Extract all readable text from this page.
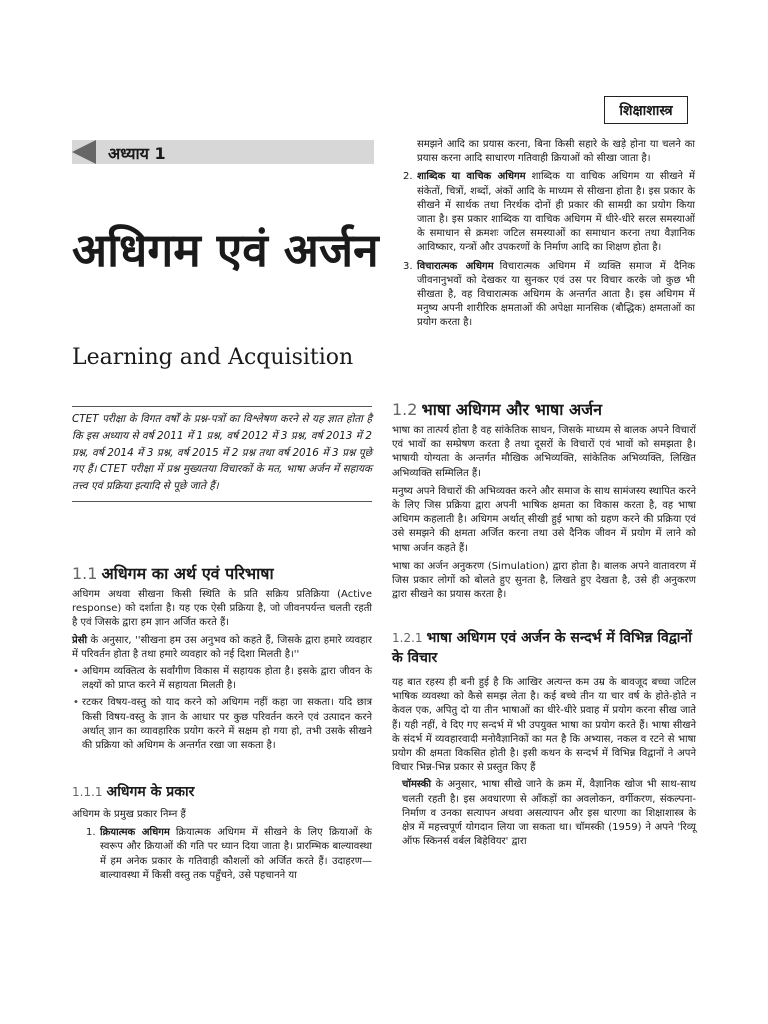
शिक्षाशास्त्र
अध्याय 1
अधिगम एवं अर्जन
Learning and Acquisition

CTET परीक्षा के विगत वर्षों के प्रश्न-पत्रों का विश्लेषण करने से यह ज्ञात होता है कि इस अध्याय से वर्ष 2011 में 1 प्रश्न, वर्ष 2012 में 3 प्रश्न, वर्ष 2013 में 2 प्रश्न, वर्ष 2014 में 3 प्रश्न, वर्ष 2015 में 2 प्रश्न तथा वर्ष 2016 में 3 प्रश्न पूछे गए हैं। CTET परीक्षा में प्रश्न मुख्यतया विचारकों के मत, भाषा अर्जन में सहायक तत्त्व एवं प्रक्रिया इत्यादि से पूछे जाते हैं।

1.1 अधिगम का अर्थ एवं परिभाषा

अधिगम अथवा सीखना किसी स्थिति के प्रति सक्रिय प्रतिक्रिया (Active response) को दर्शाता है। यह एक ऐसी प्रक्रिया है, जो जीवनपर्यन्त चलती रहती है एवं जिसके द्वारा हम ज्ञान अर्जित करते हैं।

प्रेसी के अनुसार, ''सीखना हम उस अनुभव को कहते हैं, जिसके द्वारा हमारे व्यवहार में परिवर्तन होता है तथा हमारे व्यवहार को नई दिशा मिलती है।''

• अधिगम व्यक्तित्व के सर्वांगीण विकास में सहायक होता है। इसके द्वारा जीवन के लक्ष्यों को प्राप्त करने में सहायता मिलती है।
• रटकर विषय-वस्तु को याद करने को अधिगम नहीं कहा जा सकता। यदि छात्र किसी विषय-वस्तु के ज्ञान के आधार पर कुछ परिवर्तन करने एवं उत्पादन करने अर्थात् ज्ञान का व्यावहारिक प्रयोग करने में सक्षम हो गया हो, तभी उसके सीखने की प्रक्रिया को अधिगम के अन्तर्गत रखा जा सकता है।
1.1.1 अधिगम के प्रकार

अधिगम के प्रमुख प्रकार निम्न हैं

1. क्रियात्मक अधिगम क्रियात्मक अधिगम में सीखने के लिए क्रियाओं के स्वरूप और क्रियाओं की गति पर ध्यान दिया जाता है। प्रारम्भिक बाल्यावस्था में हम अनेक प्रकार के गतिवाही कौशलों को अर्जित करते हैं। उदाहरण—बाल्यावस्था में किसी वस्तु तक पहुँचने, उसे पहचानने या
समझने आदि का प्रयास करना, बिना किसी सहारे के खड़े होना या चलने का प्रयास करना आदि साधारण गतिवाही क्रियाओं को सीखा जाता है।
2. शाब्दिक या वाचिक अधिगम शाब्दिक या वाचिक अधिगम या सीखने में संकेतों, चित्रों, शब्दों, अंकों आदि के माध्यम से सीखना होता है। इस प्रकार के सीखने में सार्थक तथा निरर्थक दोनों ही प्रकार की सामग्री का प्रयोग किया जाता है। इस प्रकार शाब्दिक या वाचिक अधिगम में धीरे-धीरे सरल समस्याओं के समाधान से क्रमशः जटिल समस्याओं का समाधान करना तथा वैज्ञानिक आविष्कार, यन्त्रों और उपकरणों के निर्माण आदि का शिक्षण होता है।
3. विचारात्मक अधिगम विचारात्मक अधिगम में व्यक्ति समाज में दैनिक जीवनानुभवों को देखकर या सुनकर एवं उस पर विचार करके जो कुछ भी सीखता है, वह विचारात्मक अधिगम के अन्तर्गत आता है। इस अधिगम में मनुष्य अपनी शारीरिक क्षमताओं की अपेक्षा मानसिक (बौद्धिक) क्षमताओं का प्रयोग करता है।
1.2 भाषा अधिगम और भाषा अर्जन

भाषा का तात्पर्य होता है वह सांकेतिक साधन, जिसके माध्यम से बालक अपने विचारों एवं भावों का सम्प्रेषण करता है तथा दूसरों के विचारों एवं भावों को समझता है। भाषायी योग्यता के अन्तर्गत मौखिक अभिव्यक्ति, सांकेतिक अभिव्यक्ति, लिखित अभिव्यक्ति सम्मिलित हैं।

मनुष्य अपने विचारों की अभिव्यक्त करने और समाज के साथ सामंजस्य स्थापित करने के लिए जिस प्रक्रिया द्वारा अपनी भाषिक क्षमता का विकास करता है, वह भाषा अधिगम कहलाती है। अधिगम अर्थात् सीखी हुई भाषा को ग्रहण करने की प्रक्रिया एवं उसे समझने की क्षमता अर्जित करना तथा उसे दैनिक जीवन में प्रयोग में लाने को भाषा अर्जन कहते हैं।

भाषा का अर्जन अनुकरण (Simulation) द्वारा होता है। बालक अपने वातावरण में जिस प्रकार लोगों को बोलते हुए सुनता है, लिखते हुए देखता है, उसे ही अनुकरण द्वारा सीखने का प्रयास करता है।

1.2.1 भाषा अधिगम एवं अर्जन के सन्दर्भ में विभिन्न विद्वानों के विचार

यह बात रहस्य ही बनी हुई है कि आखिर अत्यन्त कम उम्र के बावजूद बच्चा जटिल भाषिक व्यवस्था को कैसे समझ लेता है। कई बच्चे तीन या चार वर्ष के होते-होते न केवल एक, अपितु दो या तीन भाषाओं का धीरे-धीरे प्रवाह में प्रयोग करना सीख जाते हैं। यही नहीं, वे दिए गए सन्दर्भ में भी उपयुक्त भाषा का प्रयोग करते हैं। भाषा सीखने के संदर्भ में व्यवहारवादी मनोवैज्ञानिकों का मत है कि अभ्यास, नकल व रटने से भाषा प्रयोग की क्षमता विकसित होती है। इसी कथन के सन्दर्भ में विभिन्न विद्वानों ने अपने विचार भिन्न-भिन्न प्रकार से प्रस्तुत किए हैं

चॉमस्की के अनुसार, भाषा सीखे जाने के क्रम में, वैज्ञानिक खोज भी साथ-साथ चलती रहती है। इस अवधारणा से आँकड़ों का अवलोकन, वर्गीकरण, संकल्पना-निर्माण व उनका सत्यापन अथवा असत्यापन और इस धारणा का शिक्षाशास्त्र के क्षेत्र में महत्त्वपूर्ण योगदान लिया जा सकता था। चॉमस्की (1959) ने अपने 'रिव्यू ऑफ स्किनर्स वर्बल बिहेवियर' द्वारा
